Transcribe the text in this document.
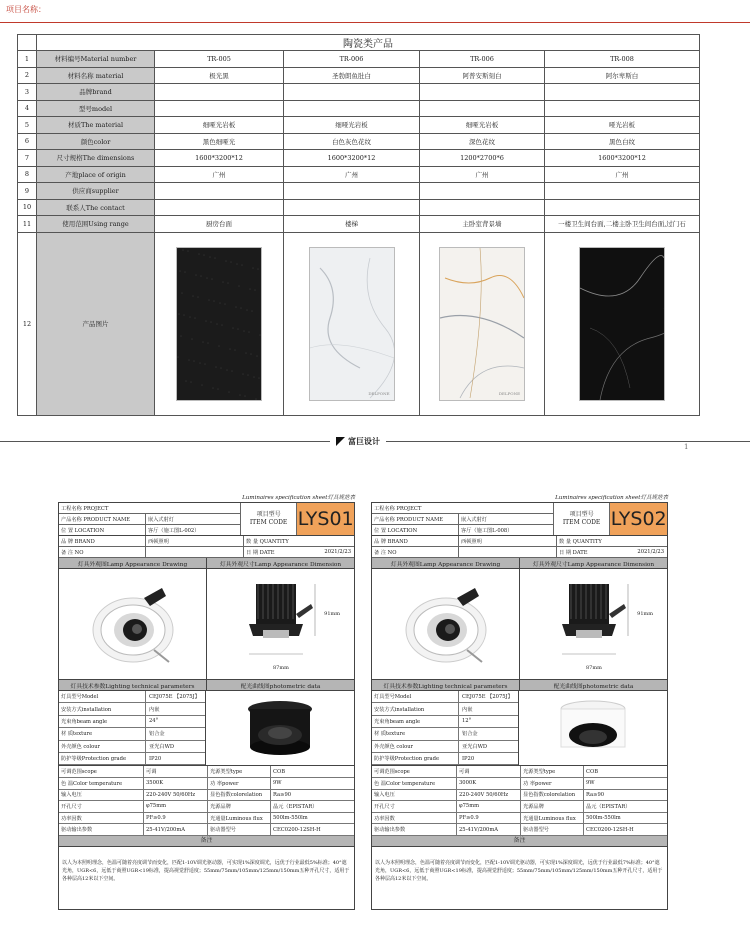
项目名称：
	陶瓷类产品				
1	材料编号Material number	TR-005	TR-006	TR-006	TR-008
2	材料名称 material	极光黑	圣勃朗鱼肚白	阿普安斯刻白	阿尔卑斯白
3	品牌brand				
4	型号model				
5	材质The material	细哑光岩板	细哑光岩板	细哑光岩板	哑光岩板
6	颜色color	黑色细哑光	白色灰色花纹	深色花纹	黑色白纹
7	尺寸规格The dimensions	1600*3200*12	1600*3200*12	1200*2700*6	1600*3200*12
8	产地place of origin	广州	广州	广州	广州
9	供应商supplier				
10	联系人The contact				
11	使用范围Using range	厨房台面	楼梯	主卧室背景墙	一楼卫生间台面,二楼主卧卫生间台面,过门石
12	产品图片		DELPONE	DELPONE

富巨设计
1
Luminaires specification sheet灯具规范表
工程名称 PROJECT
产品名称 PRODUCT NAME	嵌入式射灯
位 置 LOCATION	客厅（施工图L-002）
项目型号
ITEM CODE LYS01
品 牌 BRAND	西顿照明	数 量 QUANTITY
备 注 NO	日 期 DATE	2021/2/23
灯具外观图Lamp Appearance Drawing	灯具外观尺寸Lamp Appearance Dimension
91mm
87mm
灯具技术参数Lighting technical parameters	配光曲线图photometric data
灯具型号Model	CEJ075E 【2075J】
安装方式installation	内嵌
光束角beam angle	24°
材 质texture	铝合金
外壳颜色 colour	亚光白WD
防护等级Protection grade	IP20
可调范围scope	可调	光源类型type	COB
色 温Color temperature	3500K	功 率power	9W
输入电压	220-240V 50/60Hz	显色指数colorelation	Ra≥90
开孔尺寸	φ75mm	光源品牌	晶元（EPISTAR）
功率因数	PF≥0.9	光通量Luminous flux	500lm-550lm
驱动输出参数	25-41V/200mA	驱动器型号	CEC0200-12SH-H
备注
以人为本照明理念，色温可随着亮度调节而变化，匹配1-10V调光驱动器，可实现1%深度调光，远优于行业最低5%标准；40°遮光角，UGR<6，远低于商照UGR<19标准，提高视觉舒适度；55mm/75mm/105mm/125mm/150mm五种开孔尺寸，适用于各种层高12米以下空间。
Luminaires specification sheet灯具规范表
工程名称 PROJECT
产品名称 PRODUCT NAME	嵌入式射灯
位 置 LOCATION	客厅（施工图L-008）
项目型号
ITEM CODE LYS02
品 牌 BRAND	西顿照明	数 量 QUANTITY
备 注 NO	日 期 DATE	2021/2/23
灯具外观图Lamp Appearance Drawing	灯具外观尺寸Lamp Appearance Dimension
91mm
87mm
灯具技术参数Lighting technical parameters	配光曲线图photometric data
灯具型号Model	CEJ075E 【2075J】
安装方式installation	内嵌
光束角beam angle	12°
材 质texture	铝合金
外壳颜色 colour	亚光白WD
防护等级Protection grade	IP20
可调范围scope	可调	光源类型type	COB
色 温Color temperature	3000K	功 率power	9W
输入电压	220-240V 50/60Hz	显色指数colorelation	Ra≥90
开孔尺寸	φ75mm	光源品牌	晶元（EPISTAR）
功率因数	PF≥0.9	光通量Luminous flux	500lm-550lm
驱动输出参数	25-41V/200mA	驱动器型号	CEC0200-12SH-H
备注
以人为本照明理念，色温可随着亮度调节而变化，匹配1-10V调光驱动器，可实现1%深度调光，远优于行业最低7%标准；40°遮光角，UGR<6，远低于商照UGR<19标准，提高视觉舒适度；55mm/75mm/105mm/125mm/150mm五种开孔尺寸，适用于各种层高12米以下空间。
